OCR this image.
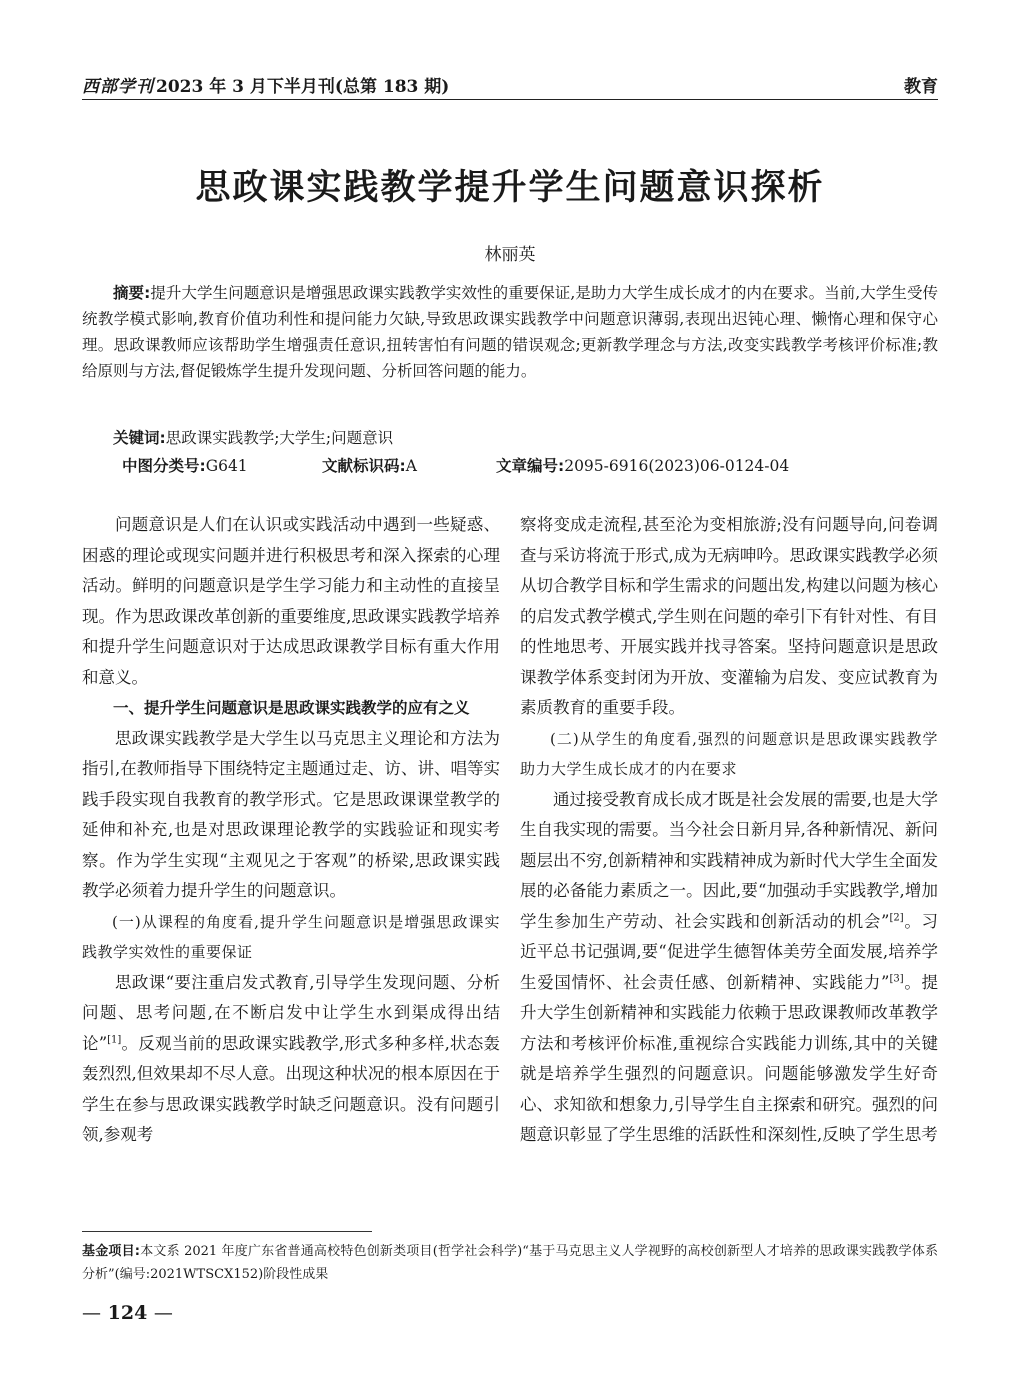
西部学刊 2023 年 3 月下半月刊(总第 183 期)	教育
思政课实践教学提升学生问题意识探析
林丽英
摘要:提升大学生问题意识是增强思政课实践教学实效性的重要保证,是助力大学生成长成才的内在要求。当前,大学生受传统教学模式影响,教育价值功利性和提问能力欠缺,导致思政课实践教学中问题意识薄弱,表现出迟钝心理、懒惰心理和保守心理。思政课教师应该帮助学生增强责任意识,扭转害怕有问题的错误观念;更新教学理念与方法,改变实践教学考核评价标准;教给原则与方法,督促锻炼学生提升发现问题、分析回答问题的能力。
关键词:思政课实践教学;大学生;问题意识
中图分类号:G641	文献标识码:A	文章编号:2095-6916(2023)06-0124-04

问题意识是人们在认识或实践活动中遇到一些疑惑、困惑的理论或现实问题并进行积极思考和深入探索的心理活动。鲜明的问题意识是学生学习能力和主动性的直接呈现。作为思政课改革创新的重要维度,思政课实践教学培养和提升学生问题意识对于达成思政课教学目标有重大作用和意义。

一、提升学生问题意识是思政课实践教学的应有之义

思政课实践教学是大学生以马克思主义理论和方法为指引,在教师指导下围绕特定主题通过走、访、讲、唱等实践手段实现自我教育的教学形式。它是思政课课堂教学的延伸和补充,也是对思政课理论教学的实践验证和现实考察。作为学生实现“主观见之于客观”的桥梁,思政课实践教学必须着力提升学生的问题意识。

(一)从课程的角度看,提升学生问题意识是增强思政课实践教学实效性的重要保证

思政课“要注重启发式教育,引导学生发现问题、分析问题、思考问题,在不断启发中让学生水到渠成得出结论”[1]。反观当前的思政课实践教学,形式多种多样,状态轰轰烈烈,但效果却不尽人意。出现这种状况的根本原因在于学生在参与思政课实践教学时缺乏问题意识。没有问题引领,参观考

察将变成走流程,甚至沦为变相旅游;没有问题导向,问卷调查与采访将流于形式,成为无病呻吟。思政课实践教学必须从切合教学目标和学生需求的问题出发,构建以问题为核心的启发式教学模式,学生则在问题的牵引下有针对性、有目的性地思考、开展实践并找寻答案。坚持问题意识是思政课教学体系变封闭为开放、变灌输为启发、变应试教育为素质教育的重要手段。

(二)从学生的角度看,强烈的问题意识是思政课实践教学助力大学生成长成才的内在要求

通过接受教育成长成才既是社会发展的需要,也是大学生自我实现的需要。当今社会日新月异,各种新情况、新问题层出不穷,创新精神和实践精神成为新时代大学生全面发展的必备能力素质之一。因此,要“加强动手实践教学,增加学生参加生产劳动、社会实践和创新活动的机会”[2]。习近平总书记强调,要“促进学生德智体美劳全面发展,培养学生爱国情怀、社会责任感、创新精神、实践能力”[3]。提升大学生创新精神和实践能力依赖于思政课教师改革教学方法和考核评价标准,重视综合实践能力训练,其中的关键就是培养学生强烈的问题意识。问题能够激发学生好奇心、求知欲和想象力,引导学生自主探索和研究。强烈的问题意识彰显了学生思维的活跃性和深刻性,反映了学生思考

基金项目:本文系 2021 年度广东省普通高校特色创新类项目(哲学社会科学)“基于马克思主义人学视野的高校创新型人才培养的思政课实践教学体系分析”(编号:2021WTSCX152)阶段性成果
— 124 —
